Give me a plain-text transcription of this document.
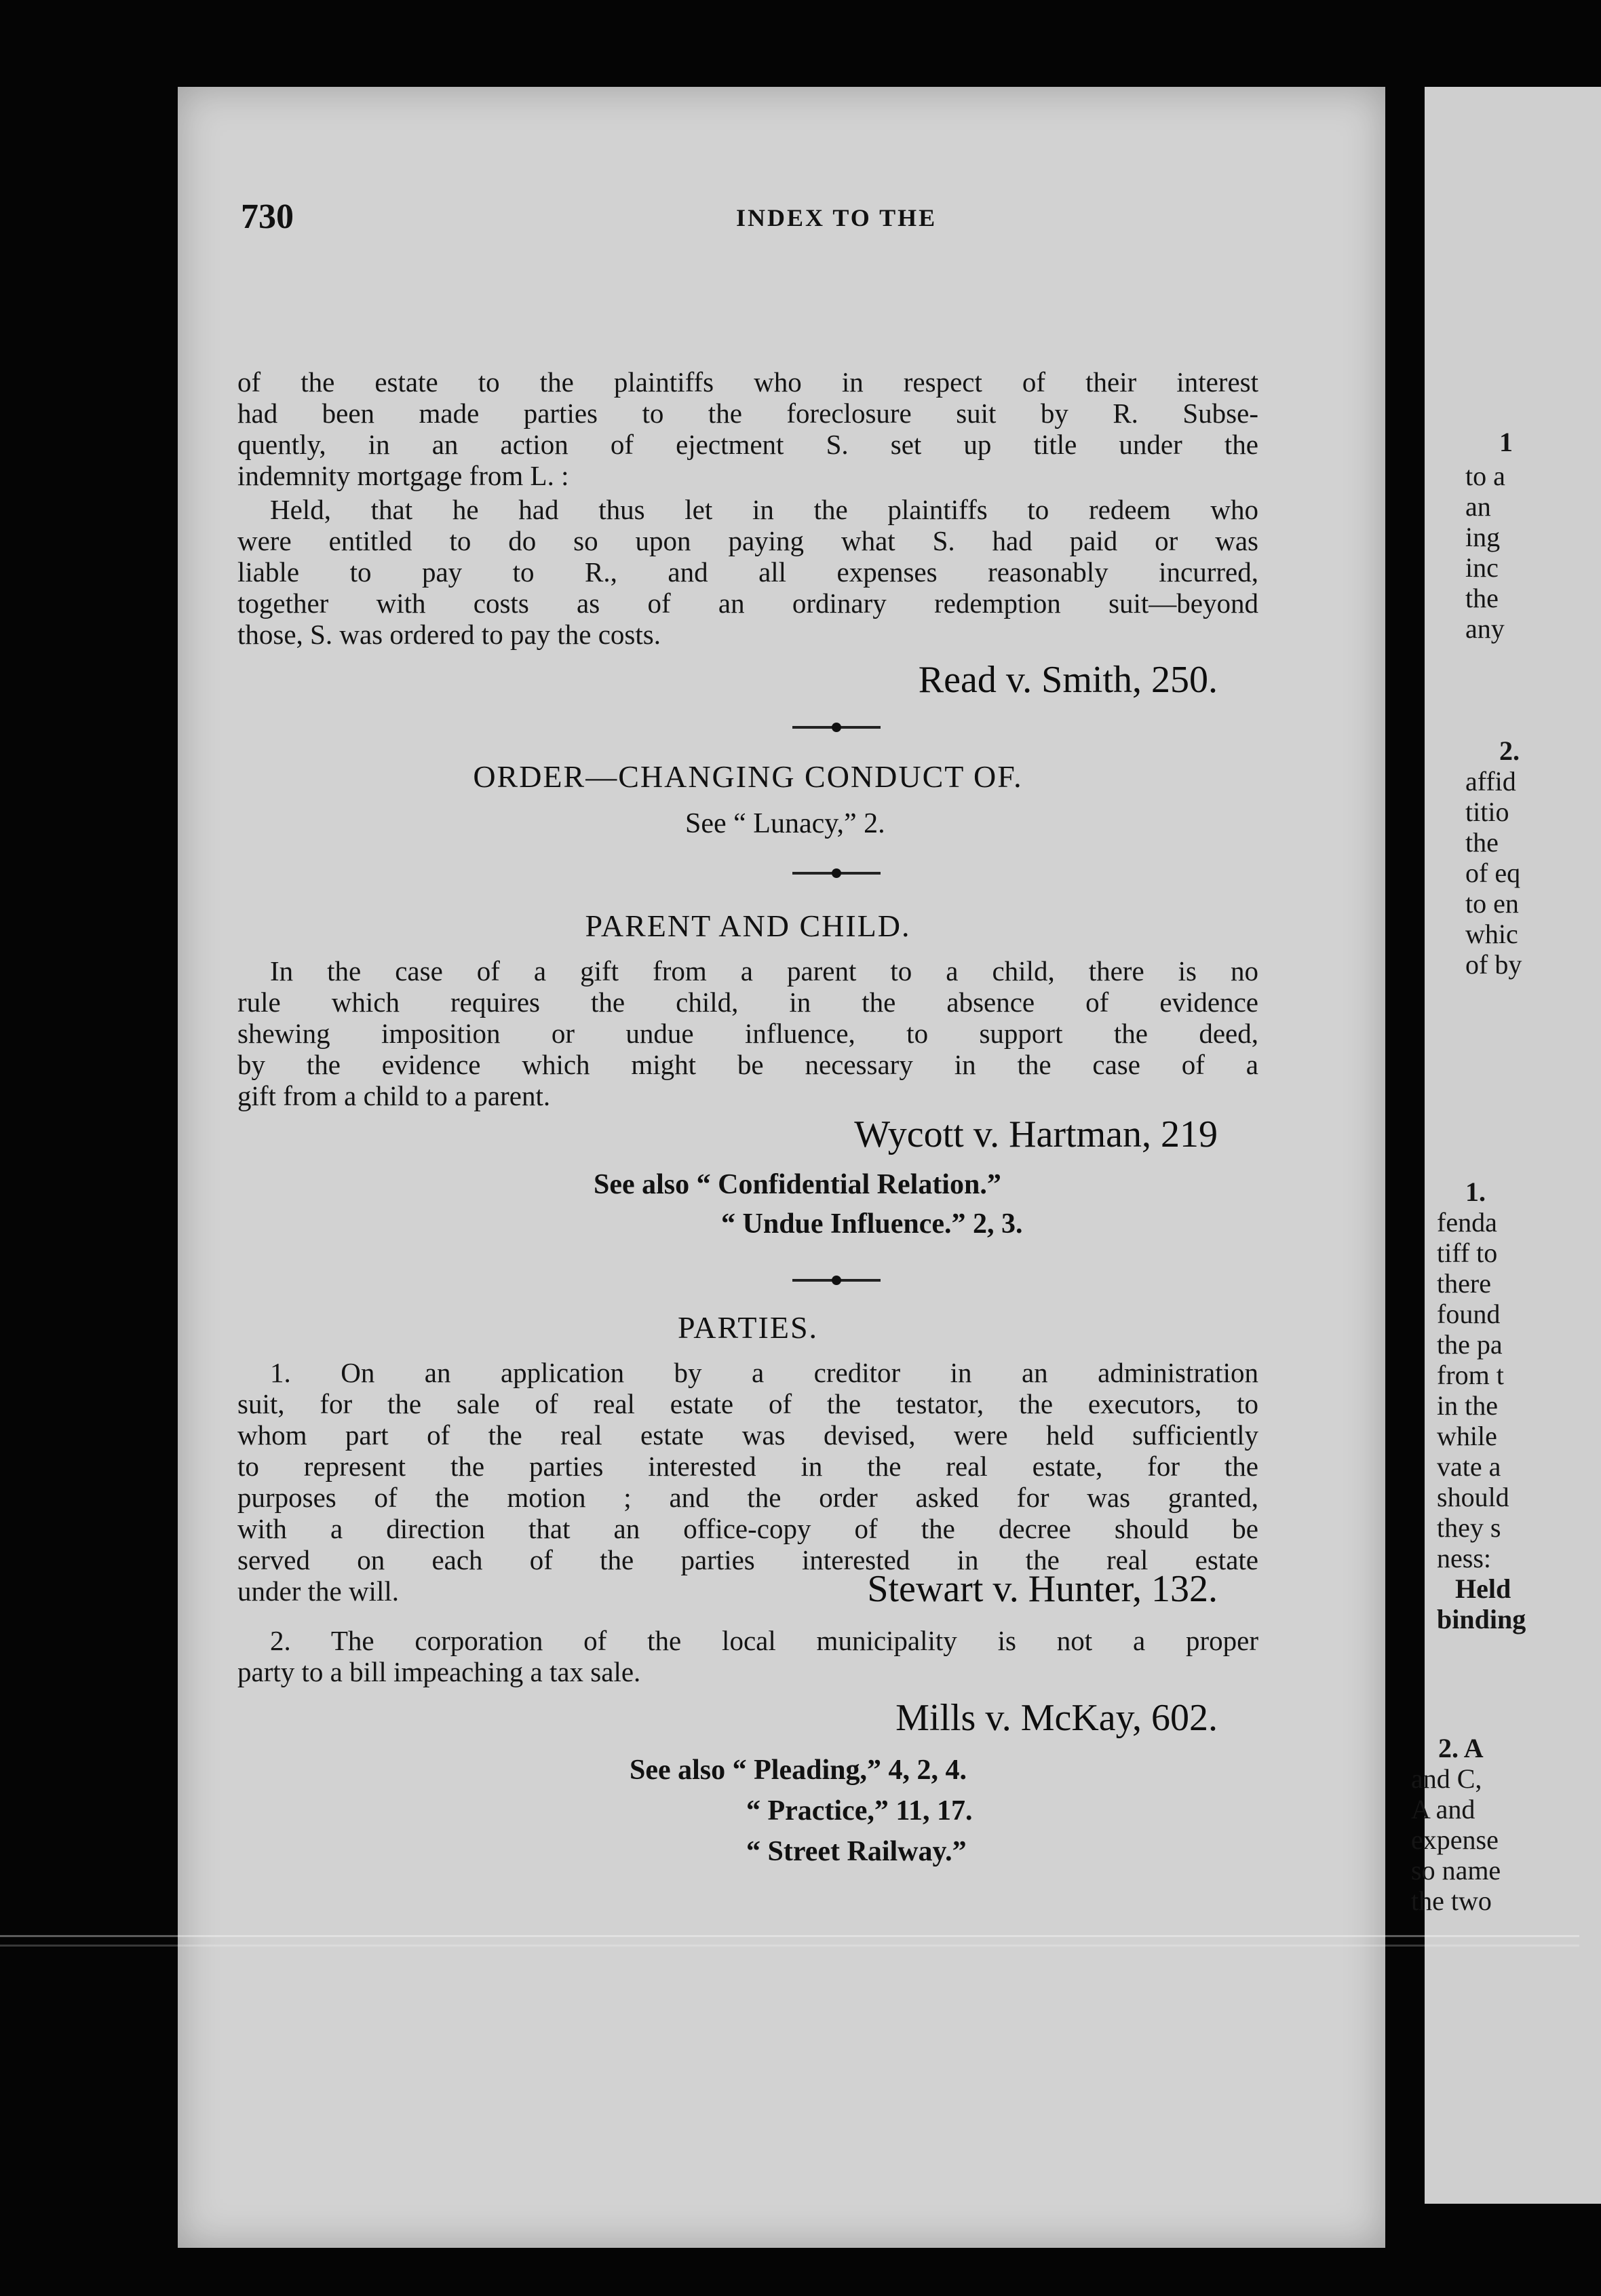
1
to a
an
ing
inc
the
any
2.
affid
titio
the
of eq
to en
whic
of by
1.
fenda
tiff to
there
found
the pa
from t
in the
while
vate a
should
they s
ness:
Held
binding
2. A
and C,
A and
expense
so name
the two
730	INDEX TO THE
of the estate to the plaintiffs who in respect of their interest
had been made parties to the foreclosure suit by R. Subse-
quently, in an action of ejectment S. set up title under the
indemnity mortgage from L. :
Held, that he had thus let in the plaintiffs to redeem who
were entitled to do so upon paying what S. had paid or was
liable to pay to R., and all expenses reasonably incurred,
together with costs as of an ordinary redemption suit—beyond
those, S. was ordered to pay the costs.
Read v. Smith, 250.
ORDER—CHANGING CONDUCT OF.
See “ Lunacy,” 2.
PARENT AND CHILD.
In the case of a gift from a parent to a child, there is no
rule which requires the child, in the absence of evidence
shewing imposition or undue influence, to support the deed,
by the evidence which might be necessary in the case of a
gift from a child to a parent.
Wycott v. Hartman, 219
See also “ Confidential Relation.”
“ Undue Influence.” 2, 3.
PARTIES.
1. On an application by a creditor in an administration
suit, for the sale of real estate of the testator, the executors, to
whom part of the real estate was devised, were held sufficiently
to represent the parties interested in the real estate, for the
purposes of the motion ; and the order asked for was granted,
with a direction that an office-copy of the decree should be
served on each of the parties interested in the real estate
under the will.	Stewart v. Hunter, 132.
2. The corporation of the local municipality is not a proper
party to a bill impeaching a tax sale.
Mills v. McKay, 602.
See also “ Pleading,” 4, 2, 4.
“ Practice,” 11, 17.
“ Street Railway.”
